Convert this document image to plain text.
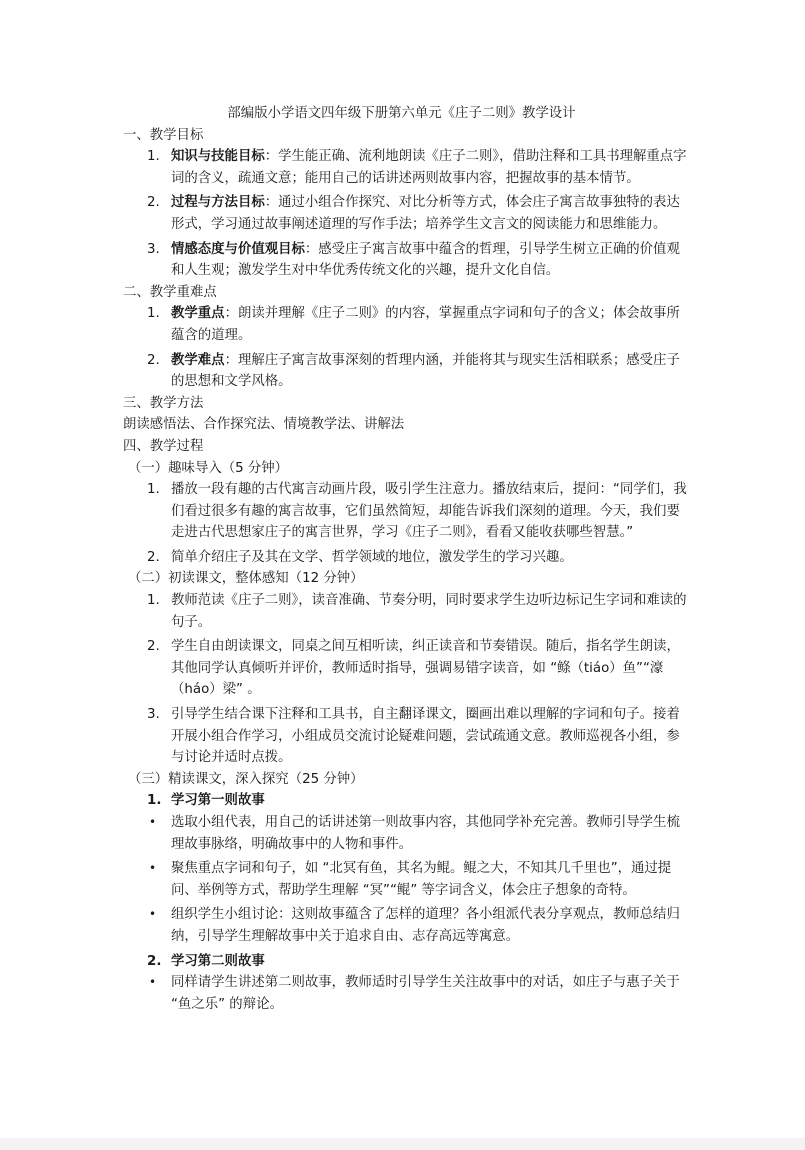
部编版小学语文四年级下册第六单元《庄子二则》教学设计
一、教学目标
1. 知识与技能目标：学生能正确、流利地朗读《庄子二则》，借助注释和工具书理解重点字词的含义，疏通文意；能用自己的话讲述两则故事内容，把握故事的基本情节。
2. 过程与方法目标：通过小组合作探究、对比分析等方式，体会庄子寓言故事独特的表达形式，学习通过故事阐述道理的写作手法；培养学生文言文的阅读能力和思维能力。
3. 情感态度与价值观目标：感受庄子寓言故事中蕴含的哲理，引导学生树立正确的价值观和人生观；激发学生对中华优秀传统文化的兴趣，提升文化自信。
二、教学重难点
1. 教学重点：朗读并理解《庄子二则》的内容，掌握重点字词和句子的含义；体会故事所蕴含的道理。
2. 教学难点：理解庄子寓言故事深刻的哲理内涵，并能将其与现实生活相联系；感受庄子的思想和文学风格。
三、教学方法
朗读感悟法、合作探究法、情境教学法、讲解法
四、教学过程
（一）趣味导入（5 分钟）
1. 播放一段有趣的古代寓言动画片段，吸引学生注意力。播放结束后，提问：“同学们，我们看过很多有趣的寓言故事，它们虽然简短，却能告诉我们深刻的道理。今天，我们要走进古代思想家庄子的寓言世界，学习《庄子二则》，看看又能收获哪些智慧。”
2. 简单介绍庄子及其在文学、哲学领域的地位，激发学生的学习兴趣。
（二）初读课文，整体感知（12 分钟）
1. 教师范读《庄子二则》，读音准确、节奏分明，同时要求学生边听边标记生字词和难读的句子。
2. 学生自由朗读课文，同桌之间互相听读，纠正读音和节奏错误。随后，指名学生朗读，其他同学认真倾听并评价，教师适时指导，强调易错字读音，如 “鲦（tiáo）鱼”“濠（háo）梁” 。
3. 引导学生结合课下注释和工具书，自主翻译课文，圈画出难以理解的字词和句子。接着开展小组合作学习，小组成员交流讨论疑难问题，尝试疏通文意。教师巡视各小组，参与讨论并适时点拨。
（三）精读课文，深入探究（25 分钟）
1. 学习第一则故事
• 选取小组代表，用自己的话讲述第一则故事内容，其他同学补充完善。教师引导学生梳理故事脉络，明确故事中的人物和事件。
• 聚焦重点字词和句子，如 “北冥有鱼，其名为鲲。鲲之大，不知其几千里也”，通过提问、举例等方式，帮助学生理解 “冥”“鲲” 等字词含义，体会庄子想象的奇特。
• 组织学生小组讨论：这则故事蕴含了怎样的道理？各小组派代表分享观点，教师总结归纳，引导学生理解故事中关于追求自由、志存高远等寓意。
2. 学习第二则故事
• 同样请学生讲述第二则故事，教师适时引导学生关注故事中的对话，如庄子与惠子关于 “鱼之乐” 的辩论。
